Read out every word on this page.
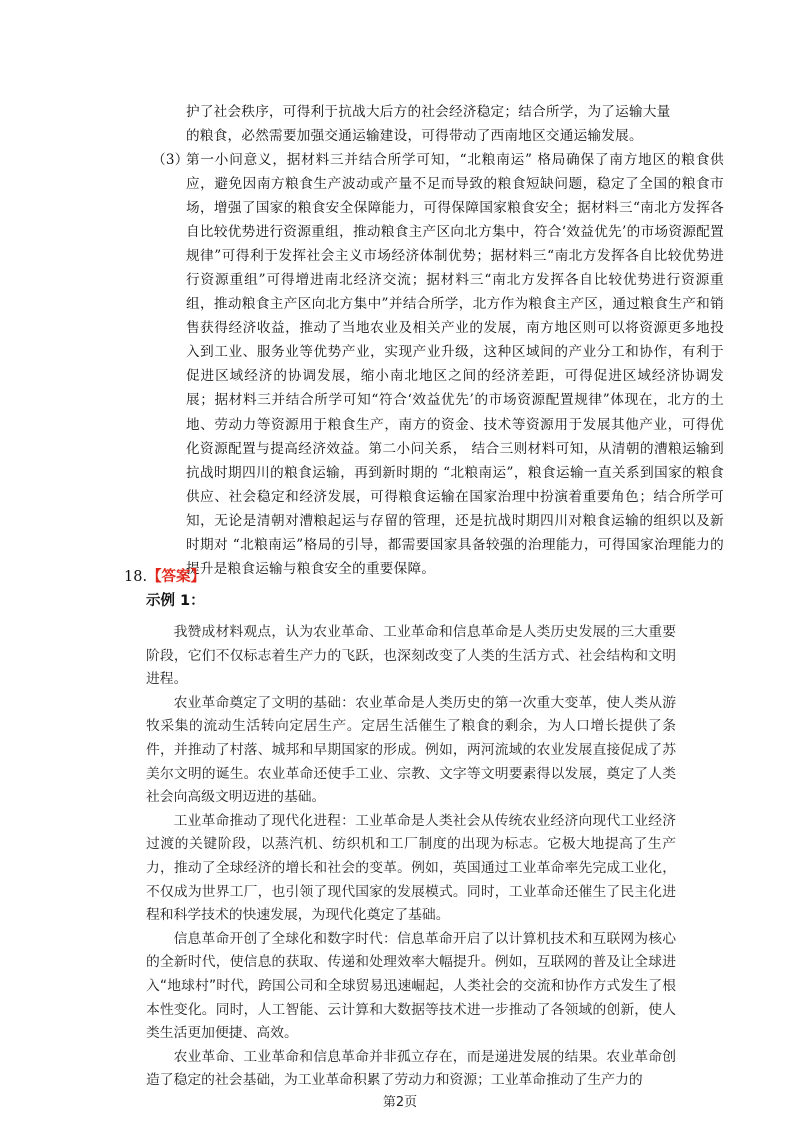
护了社会秩序，可得利于抗战大后方的社会经济稳定；结合所学，为了运输大量

的粮食，必然需要加强交通运输建设，可得带动了西南地区交通运输发展。

（3）
第一小问意义，据材料三并结合所学可知，“北粮南运” 格局确保了南方地区的粮食供应，避免因南方粮食生产波动或产量不足而导致的粮食短缺问题，稳定了全国的粮食市场，增强了国家的粮食安全保障能力，可得保障国家粮食安全；据材料三“南北方发挥各自比较优势进行资源重组，推动粮食主产区向北方集中，符合‘效益优先’的市场资源配置规律”可得利于发挥社会主义市场经济体制优势；据材料三“南北方发挥各自比较优势进行资源重组”可得增进南北经济交流；据材料三“南北方发挥各自比较优势进行资源重组，推动粮食主产区向北方集中”并结合所学，北方作为粮食主产区，通过粮食生产和销售获得经济收益，推动了当地农业及相关产业的发展，南方地区则可以将资源更多地投入到工业、服务业等优势产业，实现产业升级，这种区域间的产业分工和协作，有利于促进区域经济的协调发展，缩小南北地区之间的经济差距，可得促进区域经济协调发展；据材料三并结合所学可知“符合‘效益优先’的市场资源配置规律”体现在，北方的土地、劳动力等资源用于粮食生产，南方的资金、技术等资源用于发展其他产业，可得优化资源配置与提高经济效益。第二小问关系， 结合三则材料可知，从清朝的漕粮运输到抗战时期四川的粮食运输，再到新时期的 “北粮南运”，粮食运输一直关系到国家的粮食供应、社会稳定和经济发展，可得粮食运输在国家治理中扮演着重要角色；结合所学可知，无论是清朝对漕粮起运与存留的管理，还是抗战时期四川对粮食运输的组织以及新时期对 “北粮南运”格局的引导，都需要国家具备较强的治理能力，可得国家治理能力的提升是粮食运输与粮食安全的重要保障。
18.【答案】
示例 1：

我赞成材料观点，认为农业革命、工业革命和信息革命是人类历史发展的三大重要阶段，它们不仅标志着生产力的飞跃，也深刻改变了人类的生活方式、社会结构和文明进程。

农业革命奠定了文明的基础：农业革命是人类历史的第一次重大变革，使人类从游牧采集的流动生活转向定居生产。定居生活催生了粮食的剩余，为人口增长提供了条件，并推动了村落、城邦和早期国家的形成。例如，两河流域的农业发展直接促成了苏美尔文明的诞生。农业革命还使手工业、宗教、文字等文明要素得以发展，奠定了人类社会向高级文明迈进的基础。

工业革命推动了现代化进程：工业革命是人类社会从传统农业经济向现代工业经济过渡的关键阶段，以蒸汽机、纺织机和工厂制度的出现为标志。它极大地提高了生产力，推动了全球经济的增长和社会的变革。例如，英国通过工业革命率先完成工业化，不仅成为世界工厂，也引领了现代国家的发展模式。同时，工业革命还催生了民主化进程和科学技术的快速发展，为现代化奠定了基础。

信息革命开创了全球化和数字时代：信息革命开启了以计算机技术和互联网为核心的全新时代，使信息的获取、传递和处理效率大幅提升。例如，互联网的普及让全球进入“地球村”时代，跨国公司和全球贸易迅速崛起，人类社会的交流和协作方式发生了根本性变化。同时，人工智能、云计算和大数据等技术进一步推动了各领域的创新，使人类生活更加便捷、高效。

农业革命、工业革命和信息革命并非孤立存在，而是递进发展的结果。农业革命创造了稳定的社会基础，为工业革命积累了劳动力和资源；工业革命推动了生产力的

第2页
